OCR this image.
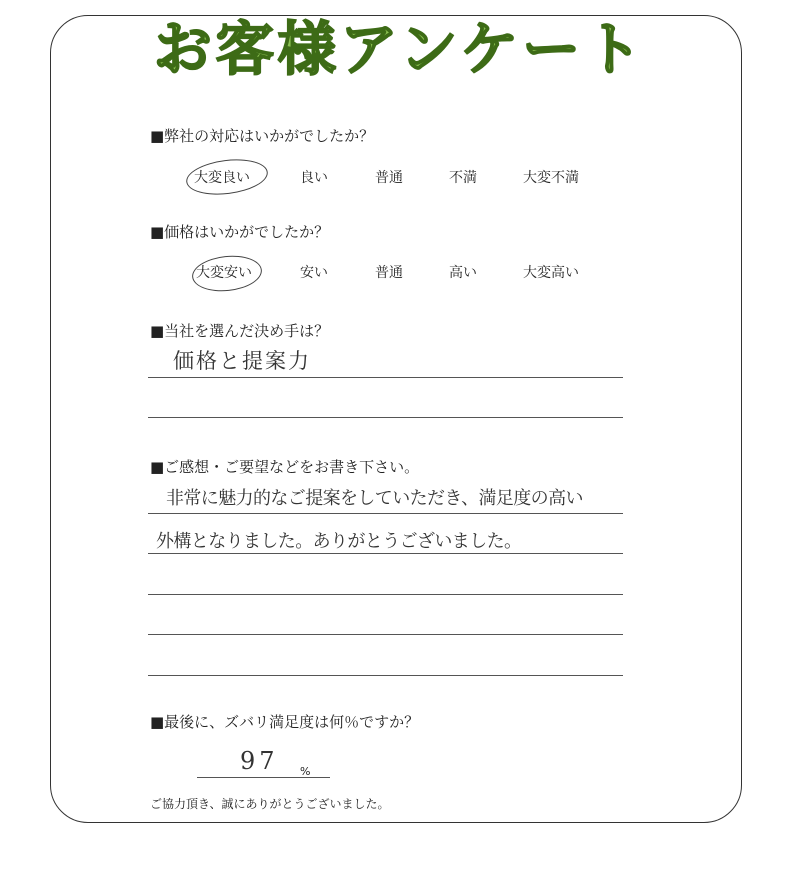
お客様アンケート
■弊社の対応はいかがでしたか？
大変良い	良い	普通	不満	大変不満
■価格はいかがでしたか？
大変安い	安い	普通	高い	大変高い
■当社を選んだ決め手は？
価格と提案力
■ご感想・ご要望などをお書き下さい。
非常に魅力的なご提案をしていただき、満足度の高い
外構となりました。ありがとうございました。
■最後に、ズバリ満足度は何％ですか？
97 %
ご協力頂き、誠にありがとうございました。
